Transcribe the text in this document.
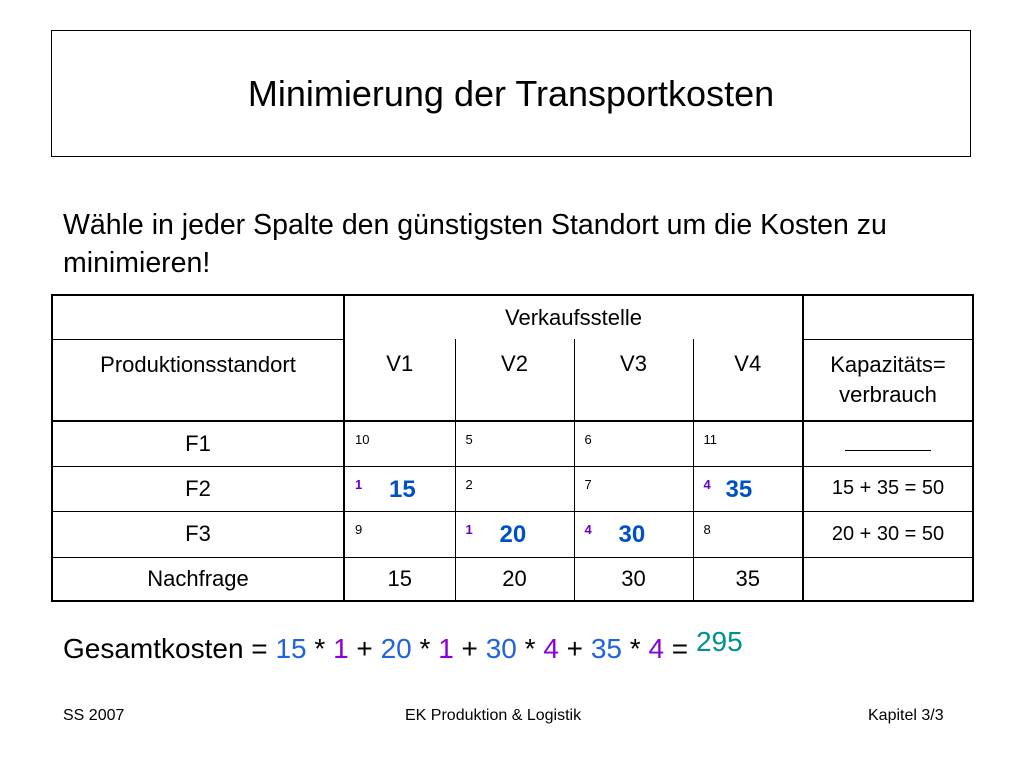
Minimierung der Transportkosten
Wähle in jeder Spalte den günstigsten Standort um die Kosten zu minimieren!
	Verkaufsstelle				
Produktionsstandort	V1	V2	V3	V4	Kapazitäts=
verbrauch
F1	10	5	6	11	

F2	1 15	2	7	4 35	15 + 35 = 50
F3	9	1 20	4 30	8	20 + 30 = 50
Nachfrage	15	20	30	35	
Gesamtkosten = 15 * 1 + 20 * 1 + 30 * 4 + 35 * 4 = 295
SS 2007	EK Produktion & Logistik	Kapitel 3/3
